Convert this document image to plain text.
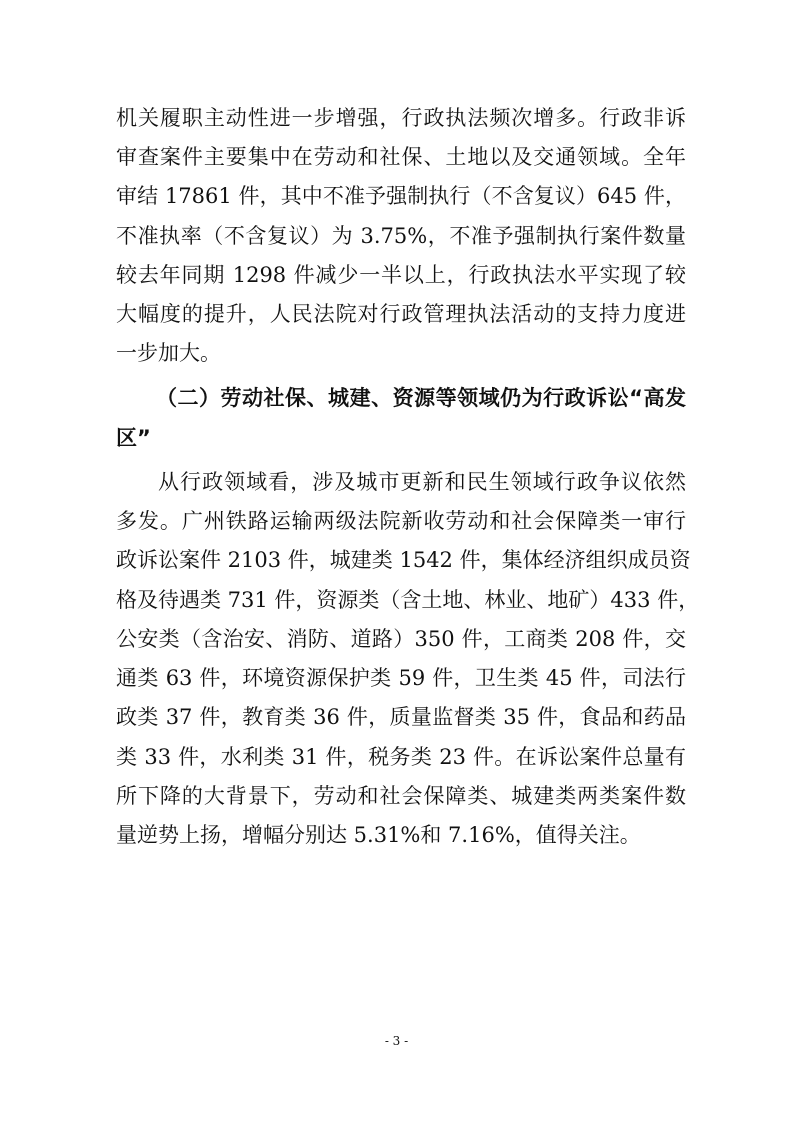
机关履职主动性进一步增强，行政执法频次增多。行政非诉
审查案件主要集中在劳动和社保、土地以及交通领域。全年
审结 17861 件，其中不准予强制执行（不含复议）645 件，
不准执率（不含复议）为 3.75%，不准予强制执行案件数量
较去年同期 1298 件减少一半以上，行政执法水平实现了较
大幅度的提升，人民法院对行政管理执法活动的支持力度进
一步加大。
（二）劳动社保、城建、资源等领域仍为行政诉讼“高发
区”
从行政领域看，涉及城市更新和民生领域行政争议依然
多发。广州铁路运输两级法院新收劳动和社会保障类一审行
政诉讼案件 2103 件，城建类 1542 件，集体经济组织成员资
格及待遇类 731 件，资源类（含土地、林业、地矿）433 件，
公安类（含治安、消防、道路）350 件，工商类 208 件，交
通类 63 件，环境资源保护类 59 件，卫生类 45 件，司法行
政类 37 件，教育类 36 件，质量监督类 35 件，食品和药品
类 33 件，水利类 31 件，税务类 23 件。在诉讼案件总量有
所下降的大背景下，劳动和社会保障类、城建类两类案件数
量逆势上扬，增幅分别达 5.31%和 7.16%，值得关注。
- 3 -
